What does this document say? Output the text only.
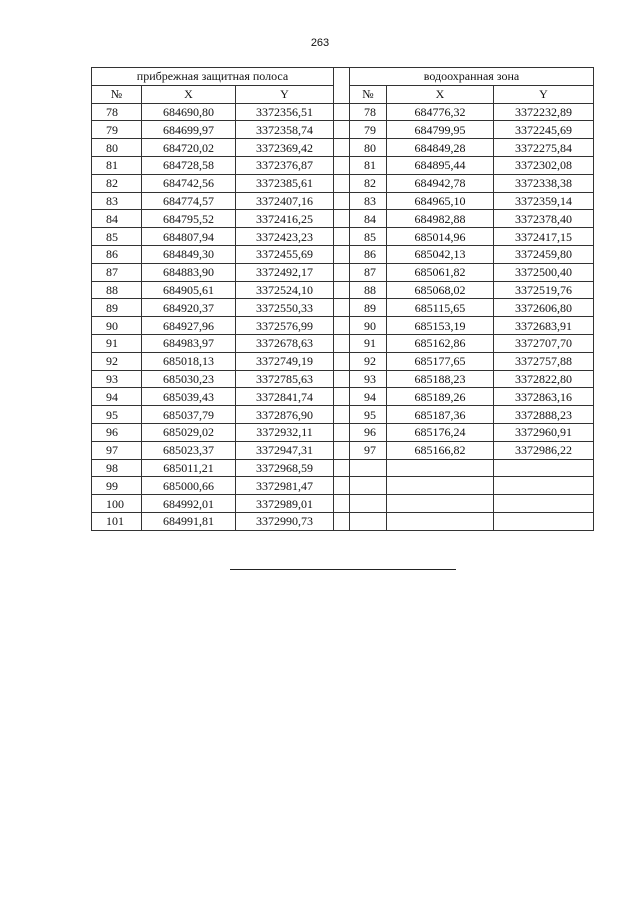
263
прибрежная защитная полоса				водоохранная зона		
№	X	Y		№	X	Y
78	684690,80	3372356,51		78	684776,32	3372232,89
79	684699,97	3372358,74		79	684799,95	3372245,69
80	684720,02	3372369,42		80	684849,28	3372275,84
81	684728,58	3372376,87		81	684895,44	3372302,08
82	684742,56	3372385,61		82	684942,78	3372338,38
83	684774,57	3372407,16		83	684965,10	3372359,14
84	684795,52	3372416,25		84	684982,88	3372378,40
85	684807,94	3372423,23		85	685014,96	3372417,15
86	684849,30	3372455,69		86	685042,13	3372459,80
87	684883,90	3372492,17		87	685061,82	3372500,40
88	684905,61	3372524,10		88	685068,02	3372519,76
89	684920,37	3372550,33		89	685115,65	3372606,80
90	684927,96	3372576,99		90	685153,19	3372683,91
91	684983,97	3372678,63		91	685162,86	3372707,70
92	685018,13	3372749,19		92	685177,65	3372757,88
93	685030,23	3372785,63		93	685188,23	3372822,80
94	685039,43	3372841,74		94	685189,26	3372863,16
95	685037,79	3372876,90		95	685187,36	3372888,23
96	685029,02	3372932,11		96	685176,24	3372960,91
97	685023,37	3372947,31		97	685166,82	3372986,22
98	685011,21	3372968,59				
99	685000,66	3372981,47				
100	684992,01	3372989,01				
101	684991,81	3372990,73				
